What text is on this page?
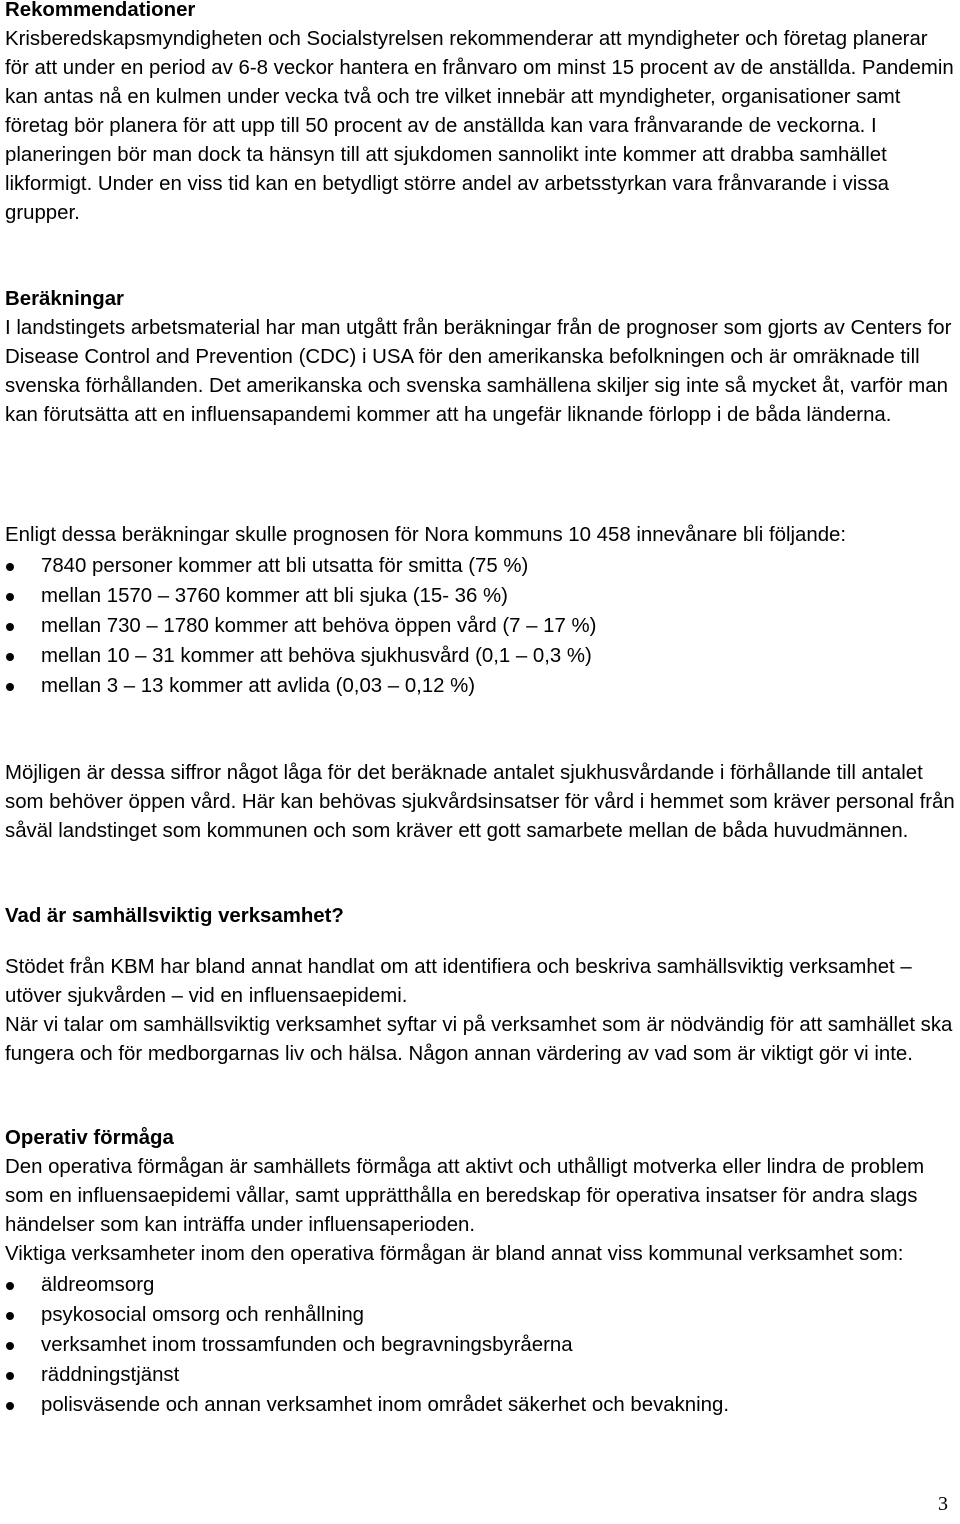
Rekommendationer

Krisberedskapsmyndigheten och Socialstyrelsen rekommenderar att myndigheter och företag planerar för att under en period av 6-8 veckor hantera en frånvaro om minst 15 procent av de anställda. Pandemin kan antas nå en kulmen under vecka två och tre vilket innebär att myndigheter, organisationer samt företag bör planera för att upp till 50 procent av de anställda kan vara frånvarande de veckorna. I planeringen bör man dock ta hänsyn till att sjukdomen sannolikt inte kommer att drabba samhället likformigt. Under en viss tid kan en betydligt större andel av arbetsstyrkan vara frånvarande i vissa grupper.

Beräkningar

I landstingets arbetsmaterial har man utgått från beräkningar från de prognoser som gjorts av Centers for Disease Control and Prevention (CDC) i USA för den amerikanska befolkningen och är omräknade till svenska förhållanden. Det amerikanska och svenska samhällena skiljer sig inte så mycket åt, varför man kan förutsätta att en influensapandemi kommer att ha ungefär liknande förlopp i de båda länderna.

Enligt dessa beräkningar skulle prognosen för Nora kommuns 10 458 innevånare bli följande:

7840 personer kommer att bli utsatta för smitta (75 %)
mellan 1570 – 3760 kommer att bli sjuka (15- 36 %)
mellan 730 – 1780 kommer att behöva öppen vård (7 – 17 %)
mellan 10 – 31 kommer att behöva sjukhusvård (0,1 – 0,3 %)
mellan 3 – 13 kommer att avlida (0,03 – 0,12 %)

Möjligen är dessa siffror något låga för det beräknade antalet sjukhusvårdande i förhållande till antalet som behöver öppen vård. Här kan behövas sjukvårdsinsatser för vård i hemmet som kräver personal från såväl landstinget som kommunen och som kräver ett gott samarbete mellan de båda huvudmännen.

Vad är samhällsviktig verksamhet?

Stödet från KBM har bland annat handlat om att identifiera och beskriva samhällsviktig verksamhet – utöver sjukvården – vid en influensaepidemi.

När vi talar om samhällsviktig verksamhet syftar vi på verksamhet som är nödvändig för att samhället ska fungera och för medborgarnas liv och hälsa. Någon annan värdering av vad som är viktigt gör vi inte.

Operativ förmåga

Den operativa förmågan är samhällets förmåga att aktivt och uthålligt motverka eller lindra de problem som en influensaepidemi vållar, samt upprätthålla en beredskap för operativa insatser för andra slags händelser som kan inträffa under influensaperioden.

Viktiga verksamheter inom den operativa förmågan är bland annat viss kommunal verksamhet som:

äldreomsorg
psykosocial omsorg och renhållning
verksamhet inom trossamfunden och begravningsbyråerna
räddningstjänst
polisväsende och annan verksamhet inom området säkerhet och bevakning.
3
